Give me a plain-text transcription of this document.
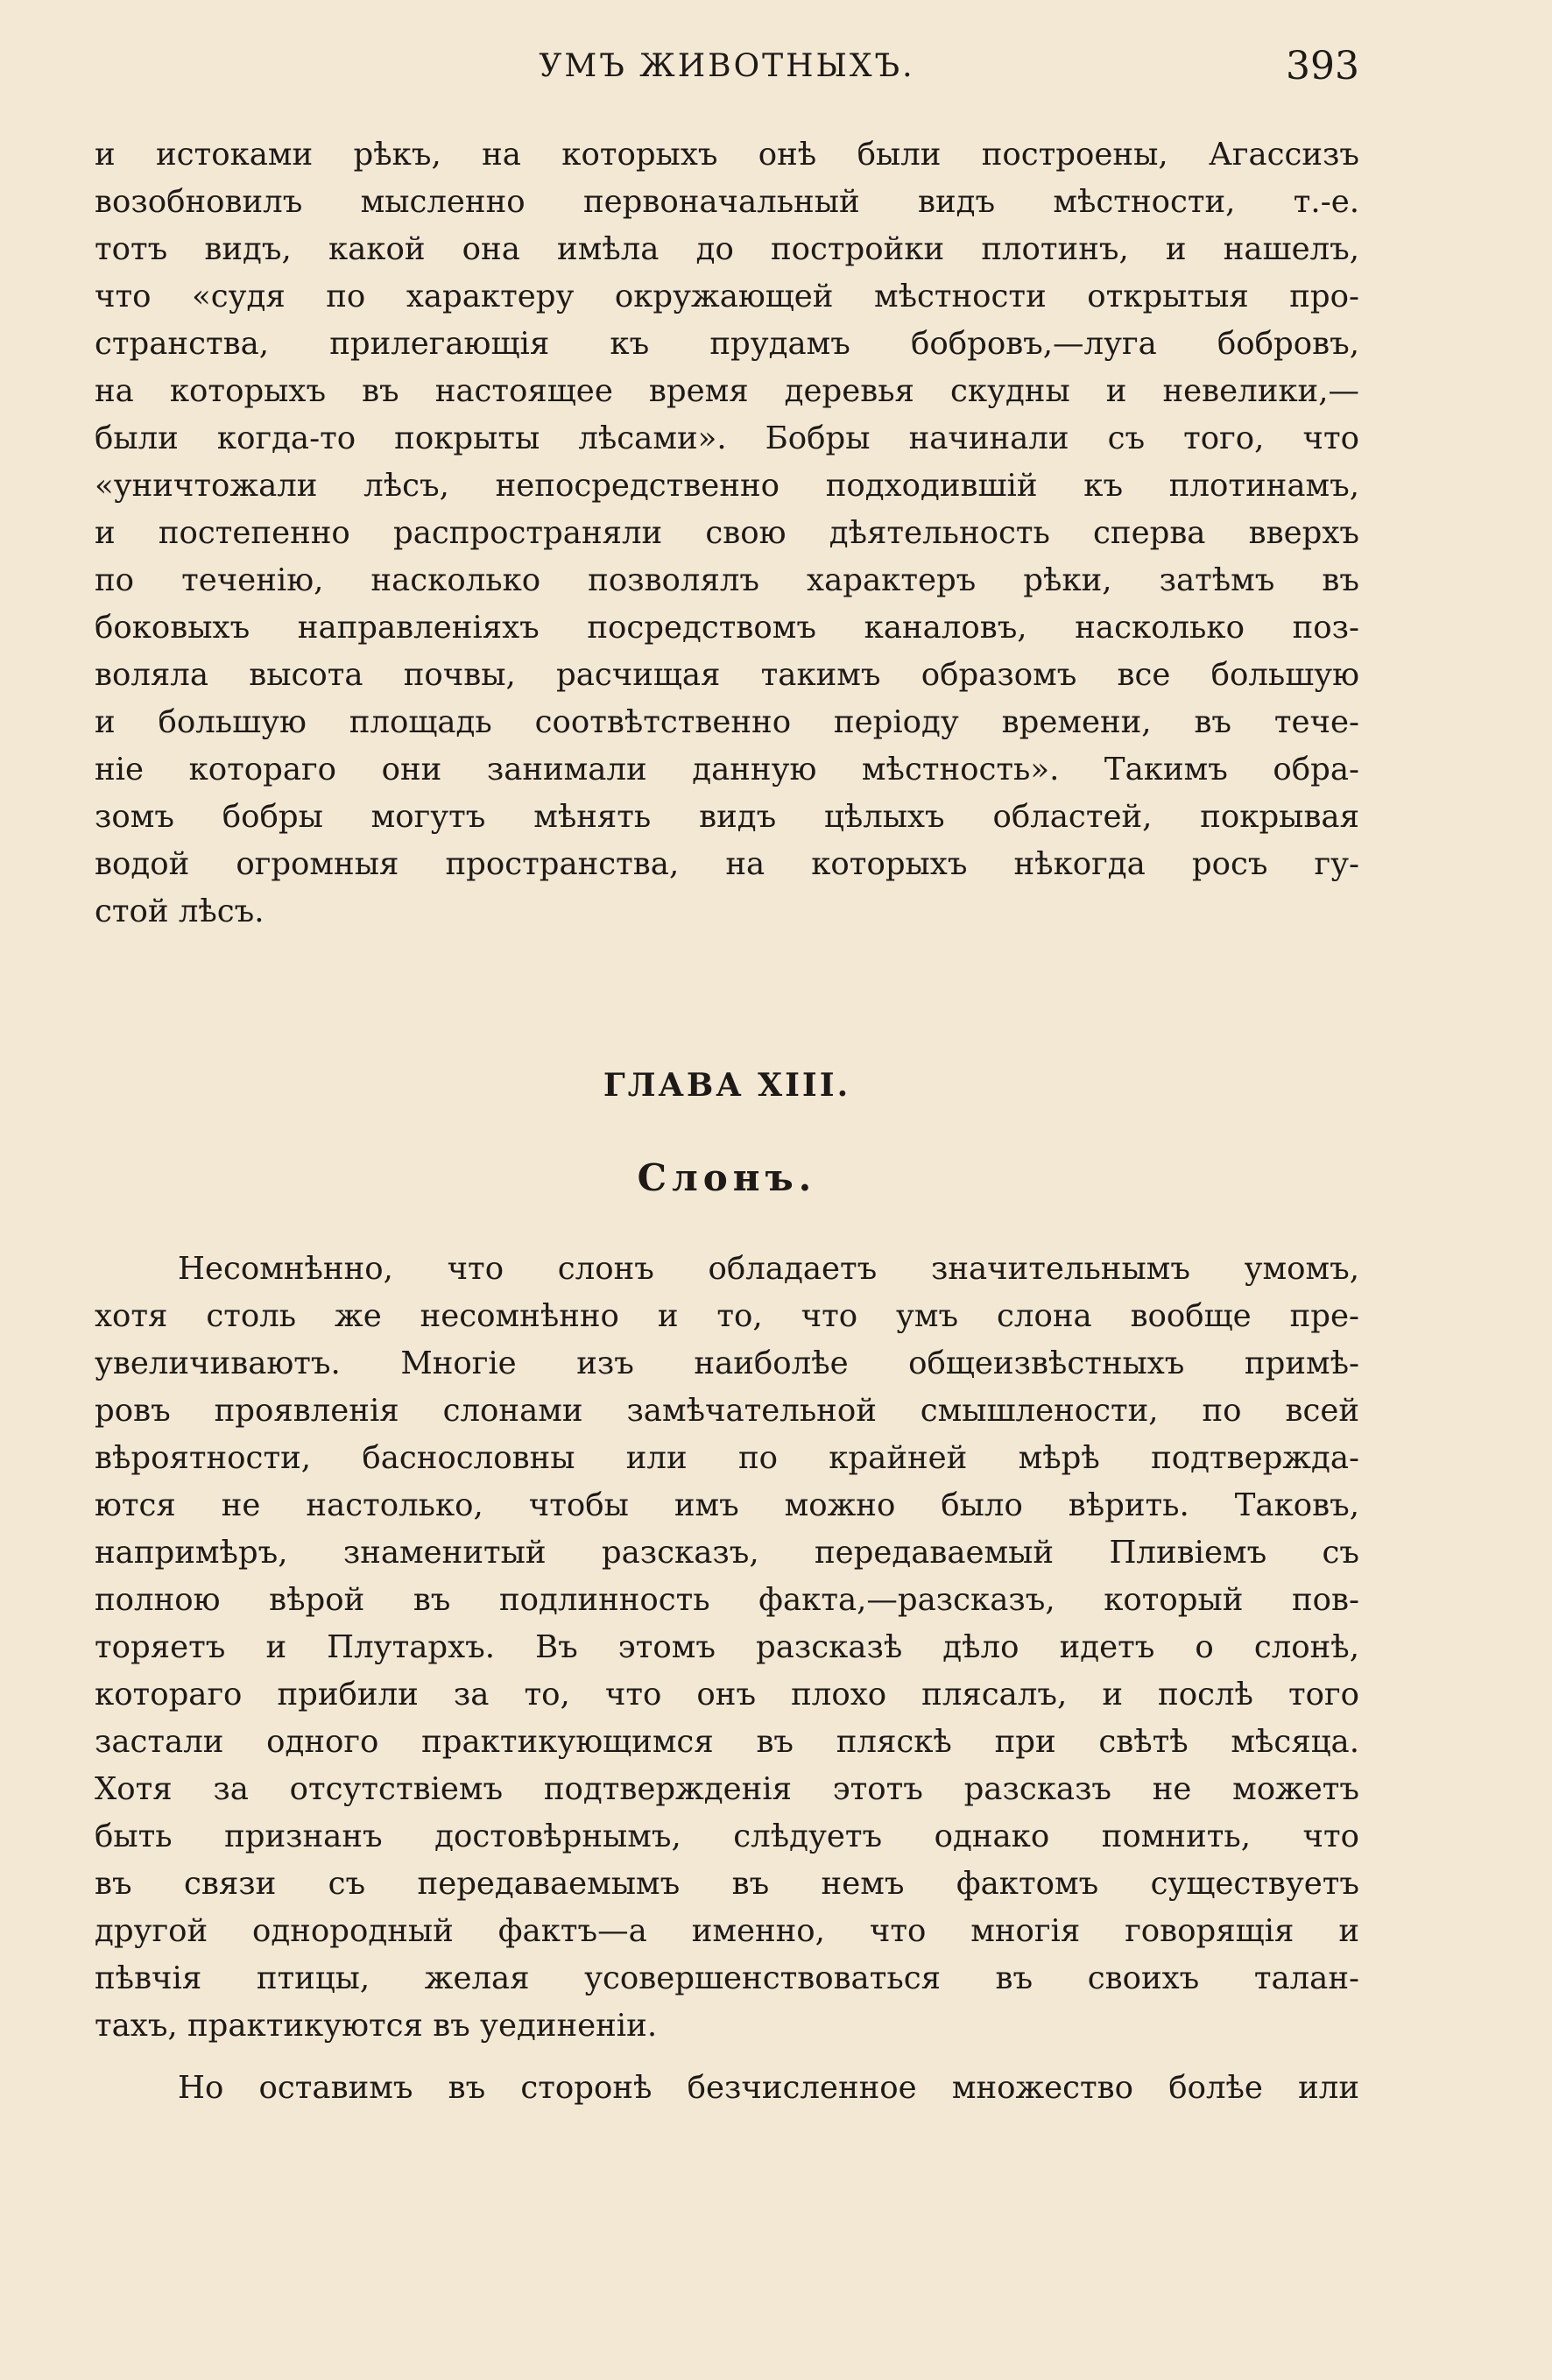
УМЪ ЖИВОТНЫХЪ.	393

и истоками рѣкъ, на которыхъ онѣ были построены, Агассизъ

возобновилъ мысленно первоначальный видъ мѣстности, т.-е.

тотъ видъ, какой она имѣла до постройки плотинъ, и нашелъ,

что «судя по характеру окружающей мѣстности открытыя про-

странства, прилегающія къ прудамъ бобровъ,—луга бобровъ,

на которыхъ въ настоящее время деревья скудны и невелики,—

были когда-то покрыты лѣсами». Бобры начинали съ того, что

«уничтожали лѣсъ, непосредственно подходившій къ плотинамъ,

и постепенно распространяли свою дѣятельность сперва вверхъ

по теченію, насколько позволялъ характеръ рѣки, затѣмъ въ

боковыхъ направленіяхъ посредствомъ каналовъ, насколько поз-

воляла высота почвы, расчищая такимъ образомъ все большую

и большую площадь соотвѣтственно періоду времени, въ тече-

ніе котораго они занимали данную мѣстность». Такимъ обра-

зомъ бобры могутъ мѣнять видъ цѣлыхъ областей, покрывая

водой огромныя пространства, на которыхъ нѣкогда росъ гу-

стой лѣсъ.

ГЛАВА XIII.
Слонъ.

Несомнѣнно, что слонъ обладаетъ значительнымъ умомъ,

хотя столь же несомнѣнно и то, что умъ слона вообще пре-

увеличиваютъ. Многіе изъ наиболѣе общеизвѣстныхъ примѣ-

ровъ проявленія слонами замѣчательной смышлености, по всей

вѣроятности, баснословны или по крайней мѣрѣ подтвержда-

ются не настолько, чтобы имъ можно было вѣрить. Таковъ,

напримѣръ, знаменитый разсказъ, передаваемый Пливіемъ съ

полною вѣрой въ подлинность факта,—разсказъ, который пов-

торяетъ и Плутархъ. Въ этомъ разсказѣ дѣло идетъ о слонѣ,

котораго прибили за то, что онъ плохо плясалъ, и послѣ того

застали одного практикующимся въ пляскѣ при свѣтѣ мѣсяца.

Хотя за отсутствіемъ подтвержденія этотъ разсказъ не можетъ

быть признанъ достовѣрнымъ, слѣдуетъ однако помнить, что

въ связи съ передаваемымъ въ немъ фактомъ существуетъ

другой однородный фактъ—а именно, что многія говорящія и

пѣвчія птицы, желая усовершенствоваться въ своихъ талан-

тахъ, практикуются въ уединеніи.

Но оставимъ въ сторонѣ безчисленное множество болѣе или
